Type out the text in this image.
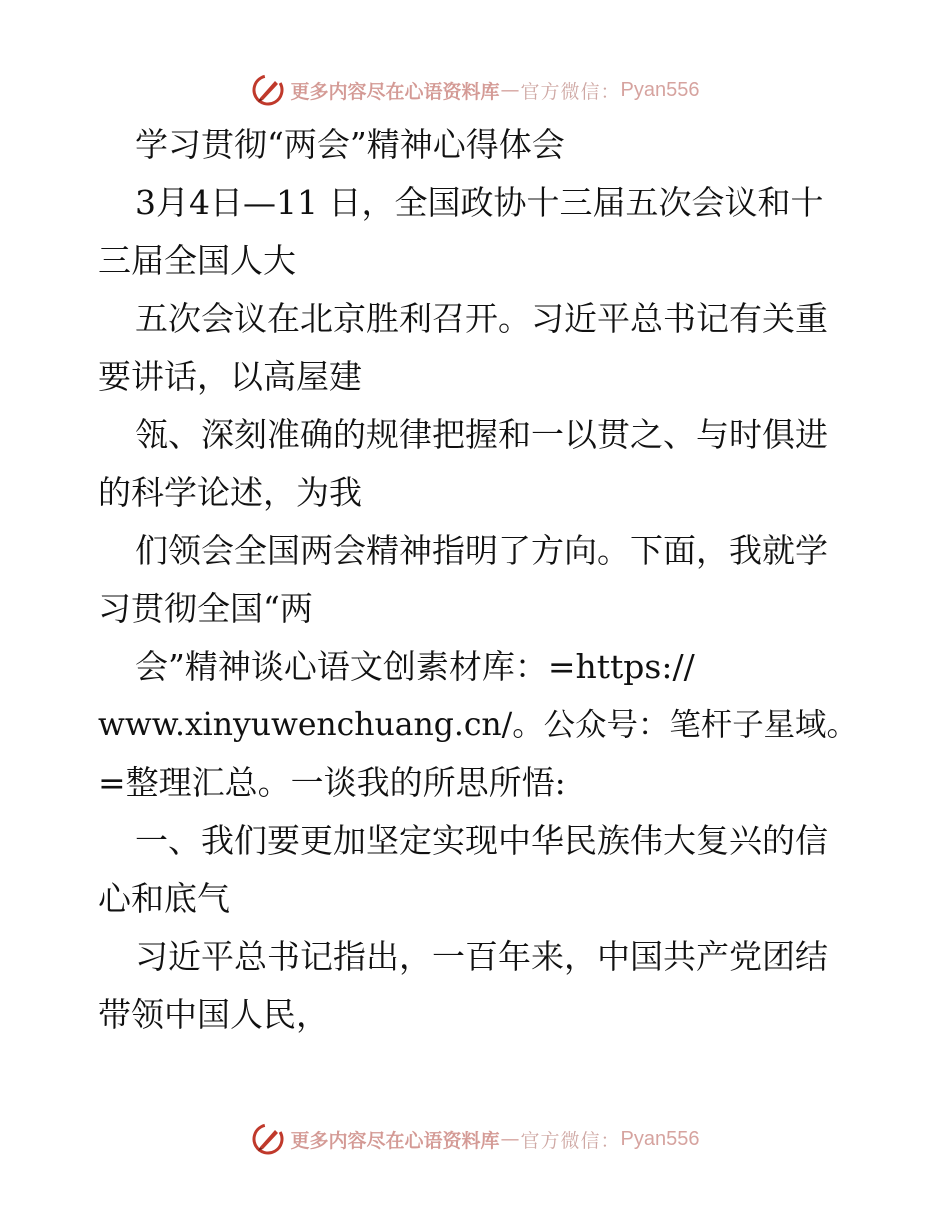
更多内容尽在心语资料库 — 官方微信： Pyan556
学习贯彻“两会”精神心得体会
3月4日—11 日，全国政协十三届五次会议和十
三届全国人大
五次会议在北京胜利召开。习近平总书记有关重
要讲话，以高屋建
瓴、深刻准确的规律把握和一以贯之、与时俱进
的科学论述，为我
们领会全国两会精神指明了方向。下面，我就学
习贯彻全国“两
会”精神谈心语文创素材库：=https://
www.xinyuwenchuang.cn/。公众号：笔杆子星域。
=整理汇总。一谈我的所思所悟:
一、我们要更加坚定实现中华民族伟大复兴的信
心和底气
习近平总书记指出，一百年来，中国共产党团结
带领中国人民，
更多内容尽在心语资料库 — 官方微信： Pyan556
